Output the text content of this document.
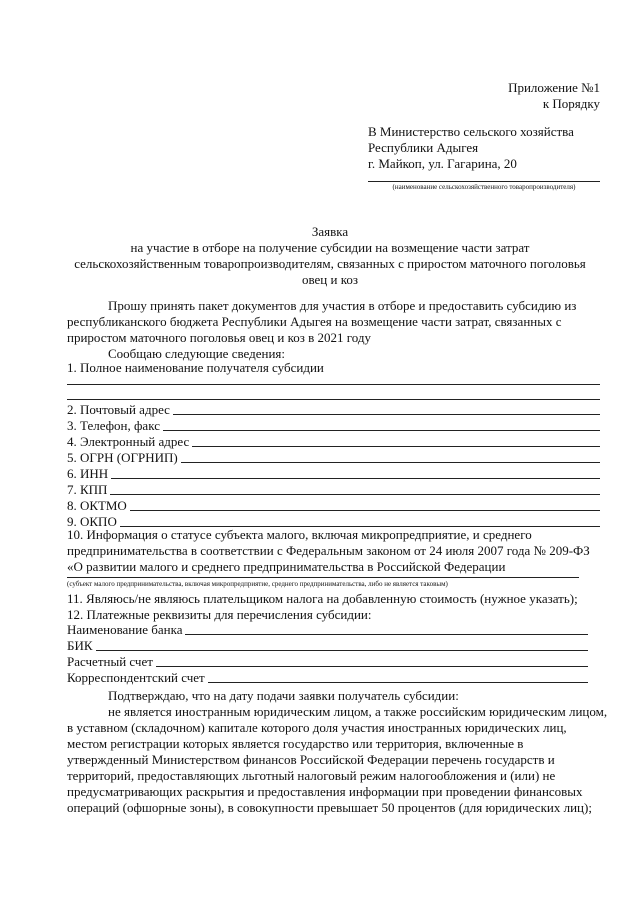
Приложение №1
к Порядку
В Министерство сельского хозяйства
Республики Адыгея
г. Майкоп, ул. Гагарина, 20
(наименование сельскохозяйственного товаропроизводителя)
Заявка
на участие в отборе на получение субсидии на возмещение части затрат
сельскохозяйственным товаропроизводителям, связанных с приростом маточного поголовья
овец и коз
Прошу принять пакет документов для участия в отборе и предоставить субсидию из
республиканского бюджета Республики Адыгея на возмещение части затрат, связанных с
приростом маточного поголовья овец и коз в 2021 году
Сообщаю следующие сведения:
1. Полное наименование получателя субсидии
2. Почтовый адрес
3. Телефон, факс
4. Электронный адрес
5. ОГРН (ОГРНИП)
6. ИНН
7. КПП
8. ОКТМО
9. ОКПО
10. Информация о статусе субъекта малого, включая микропредприятие, и среднего
предпринимательства в соответствии с Федеральным законом от 24 июля 2007 года № 209-ФЗ
«О развитии малого и среднего предпринимательства в Российской Федерации
(субъект малого предпринимательства, включая микропредприятие, среднего предпринимательства, либо не является таковым)
11. Являюсь/не являюсь плательщиком налога на добавленную стоимость (нужное указать);
12. Платежные реквизиты для перечисления субсидии:
Наименование банка
БИК
Расчетный счет
Корреспондентский счет
Подтверждаю, что на дату подачи заявки получатель субсидии:
не является иностранным юридическим лицом, а также российским юридическим лицом,
в уставном (складочном) капитале которого доля участия иностранных юридических лиц,
местом регистрации которых является государство или территория, включенные в
утвержденный Министерством финансов Российской Федерации перечень государств и
территорий, предоставляющих льготный налоговый режим налогообложения и (или) не
предусматривающих раскрытия и предоставления информации при проведении финансовых
операций (офшорные зоны), в совокупности превышает 50 процентов (для юридических лиц);
